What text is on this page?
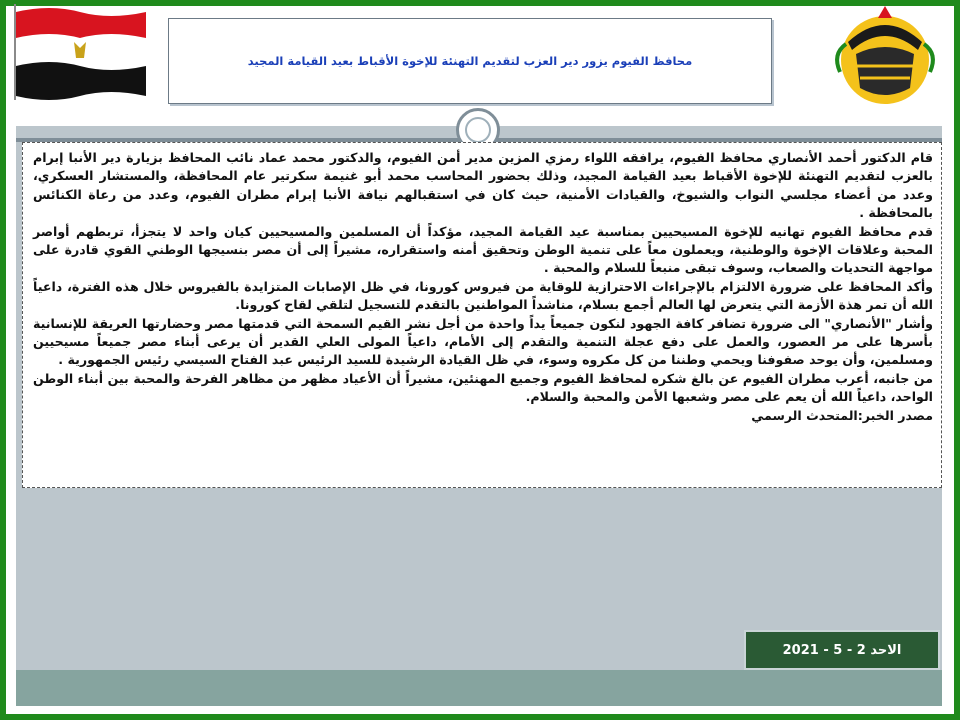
محافظ الفيوم يزور دير العزب لتقديم التهنئة للإخوة الأقباط بعيد القيامة المجيد

قام الدكتور أحمد الأنصاري محافظ الفيوم، يرافقه اللواء رمزي المزين مدير أمن الفيوم، والدكتور محمد عماد نائب المحافظ بزيارة دير الأنبا إبرام بالعزب لتقديم التهنئة للإخوة الأقباط بعيد القيامة المجيد، وذلك بحضور المحاسب محمد أبو غنيمة سكرتير عام المحافظة، والمستشار العسكري، وعدد من أعضاء مجلسي النواب والشيوخ، والقيادات الأمنية، حيث كان في استقبالهم نيافة الأنبا إبرام مطران الفيوم، وعدد من رعاة الكنائس بالمحافظة .

قدم محافظ الفيوم تهانيه للإخوة المسيحيين بمناسبة عيد القيامة المجيد، مؤكداً أن المسلمين والمسيحيين كيان واحد لا يتجزأ، تربطهم أواصر المحبة وعلاقات الإخوة والوطنية، ويعملون معاً على تنمية الوطن وتحقيق أمنه واستقراره، مشيراً إلى أن مصر بنسيجها الوطني القوي قادرة على مواجهة التحديات والصعاب، وسوف تبقى منبعاً للسلام والمحبة .

وأكد المحافظ على ضرورة الالتزام بالإجراءات الاحترازية للوقاية من فيروس كورونا، في ظل الإصابات المتزايدة بالفيروس خلال هذه الفترة، داعياً الله أن تمر هذة الأزمة التي يتعرض لها العالم أجمع بسلام، مناشداً المواطنين بالتقدم للتسجيل لتلقي لقاح كورونا.

وأشار "الأنصاري" الى ضرورة تضافر كافة الجهود لنكون جميعاً يداً واحدة من أجل نشر القيم السمحة التي قدمتها مصر وحضارتها العريقة للإنسانية بأسرها على مر العصور، والعمل على دفع عجلة التنمية والتقدم إلى الأمام، داعياً المولى العلي القدير أن يرعى أبناء مصر جميعاً مسيحيين ومسلمين، وأن يوحد صفوفنا ويحمي وطننا من كل مكروه وسوء، في ظل القيادة الرشيدة للسيد الرئيس عبد الفتاح السيسي رئيس الجمهورية .

من جانبه، أعرب مطران الفيوم عن بالغ شكره لمحافظ الفيوم وجميع المهنئين، مشيراً أن الأعياد مظهر من مظاهر الفرحة والمحبة بين أبناء الوطن الواحد، داعياً الله أن يعم على مصر وشعبها الأمن والمحبة والسلام.

مصدر الخبر:المتحدث الرسمي

الاحد 2 - 5 - 2021
